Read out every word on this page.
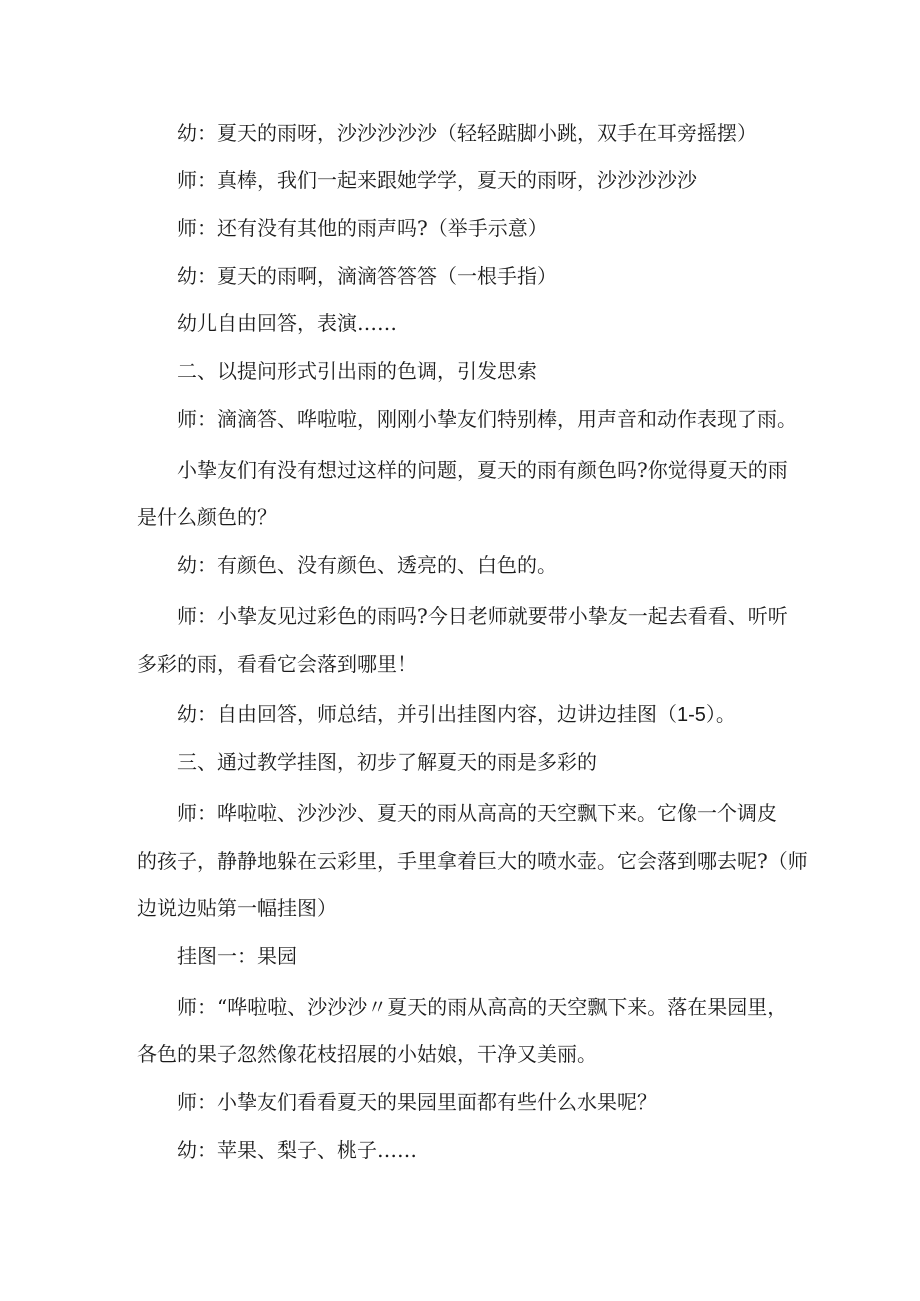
幼：夏天的雨呀，沙沙沙沙沙（轻轻踮脚小跳，双手在耳旁摇摆）
师：真棒，我们一起来跟她学学，夏天的雨呀，沙沙沙沙沙
师：还有没有其他的雨声吗?（举手示意）
幼：夏天的雨啊，滴滴答答答（一根手指）
幼儿自由回答，表演……
二、以提问形式引出雨的色调，引发思索
师：滴滴答、哗啦啦，刚刚小挚友们特别棒，用声音和动作表现了雨。
小挚友们有没有想过这样的问题，夏天的雨有颜色吗?你觉得夏天的雨
是什么颜色的？
幼：有颜色、没有颜色、透亮的、白色的。
师：小挚友见过彩色的雨吗?今日老师就要带小挚友一起去看看、听听
多彩的雨，看看它会落到哪里！
幼：自由回答，师总结，并引出挂图内容，边讲边挂图（1-5）。
三、通过教学挂图，初步了解夏天的雨是多彩的
师：哗啦啦、沙沙沙、夏天的雨从高高的天空飘下来。它像一个调皮
的孩子，静静地躲在云彩里，手里拿着巨大的喷水壶。它会落到哪去呢?（师
边说边贴第一幅挂图）
挂图一：果园
师：“哗啦啦、沙沙沙〃夏天的雨从高高的天空飘下来。落在果园里，
各色的果子忽然像花枝招展的小姑娘，干净又美丽。
师：小挚友们看看夏天的果园里面都有些什么水果呢？
幼：苹果、梨子、桃子……
